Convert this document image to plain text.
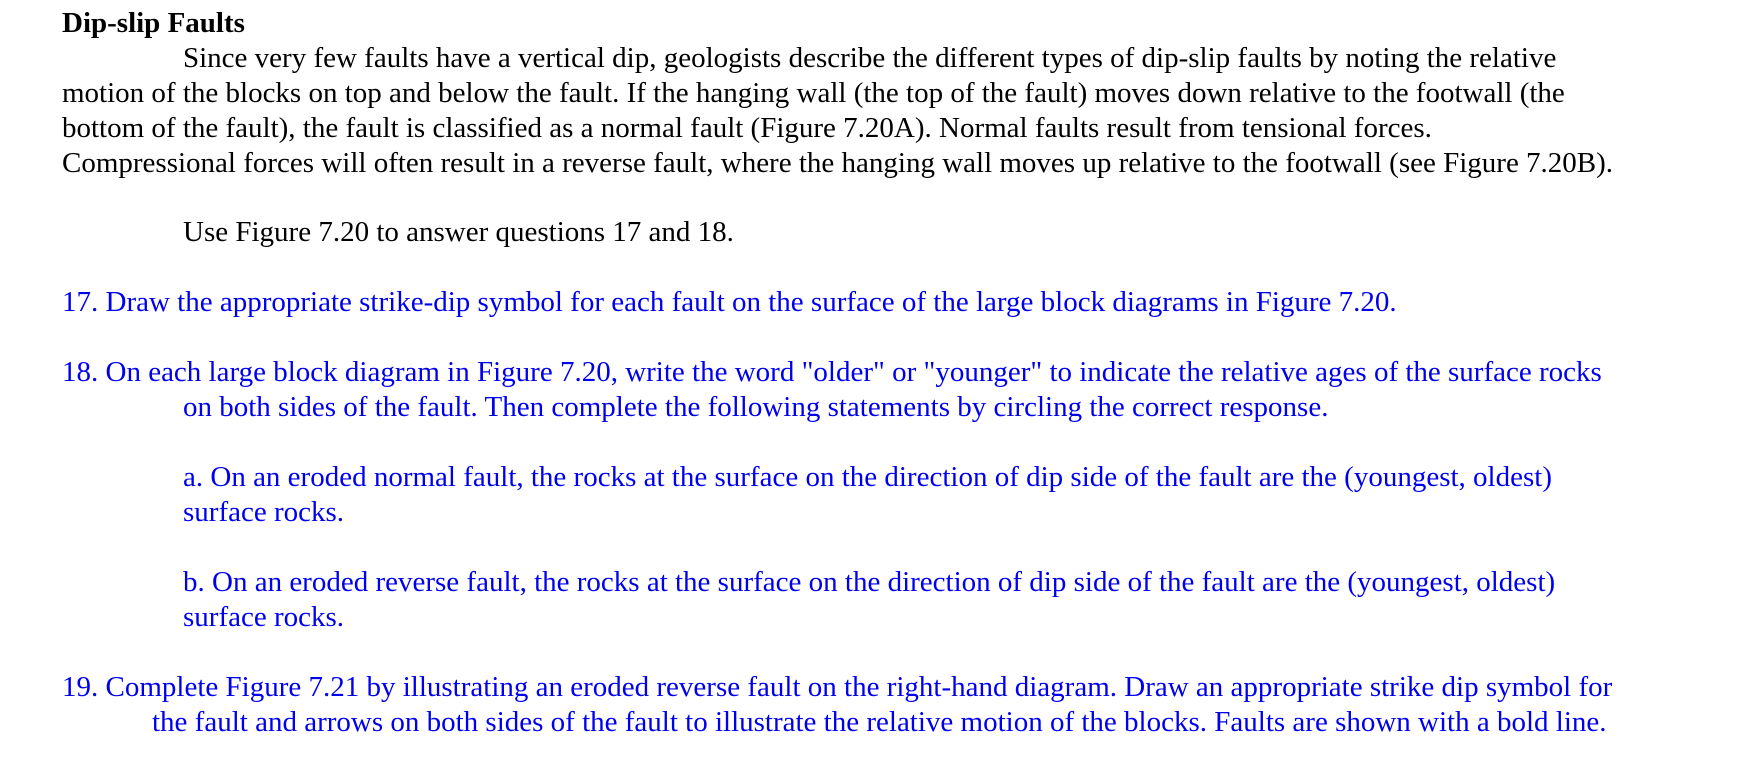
Dip-slip Faults
Since very few faults have a vertical dip, geologists describe the different types of dip-slip faults by noting the relative
motion of the blocks on top and below the fault. If the hanging wall (the top of the fault) moves down relative to the footwall (the
bottom of the fault), the fault is classified as a normal fault (Figure 7.20A). Normal faults result from tensional forces.
Compressional forces will often result in a reverse fault, where the hanging wall moves up relative to the footwall (see Figure 7.20B).
Use Figure 7.20 to answer questions 17 and 18.
17. Draw the appropriate strike-dip symbol for each fault on the surface of the large block diagrams in Figure 7.20.
18. On each large block diagram in Figure 7.20, write the word "older" or "younger" to indicate the relative ages of the surface rocks
on both sides of the fault. Then complete the following statements by circling the correct response.
a. On an eroded normal fault, the rocks at the surface on the direction of dip side of the fault are the (youngest, oldest)
surface rocks.
b. On an eroded reverse fault, the rocks at the surface on the direction of dip side of the fault are the (youngest, oldest)
surface rocks.
19. Complete Figure 7.21 by illustrating an eroded reverse fault on the right-hand diagram. Draw an appropriate strike dip symbol for
the fault and arrows on both sides of the fault to illustrate the relative motion of the blocks. Faults are shown with a bold line.
